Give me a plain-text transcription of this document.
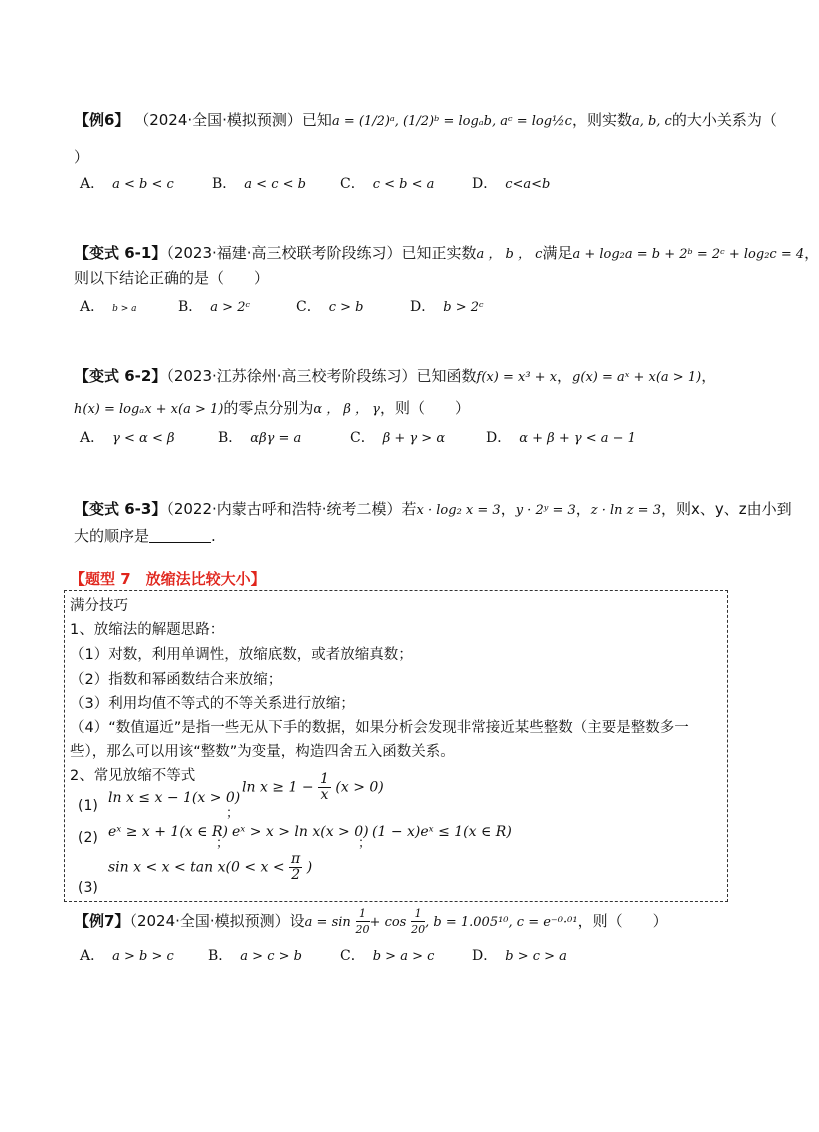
【例6】 （2024·全国·模拟预测）已知a = (1/2)ᵃ, (1/2)ᵇ = logₐb, aᶜ = log½c，则实数a, b, c的大小关系为（
）
A． a < b < c	B． a < c < b C． c < b < a	D． c<a<b
【变式 6-1】（2023·福建·高三校联考阶段练习）已知正实数a ， b ， c满足a + log₂a = b + 2ᵇ = 2ᶜ + log₂c = 4，
则以下结论正确的是（　　）
A． b > a	B． a > 2ᶜ	C． c > b	D． b > 2ᶜ
【变式 6-2】（2023·江苏徐州·高三校考阶段练习）已知函数f(x) = x³ + x，g(x) = aˣ + x(a > 1)，
h(x) = logₐx + x(a > 1)的零点分别为α ， β ， γ，则（　　）
A． γ < α < β	B． αβγ = a	C． β + γ > α	D． α + β + γ < a − 1
【变式 6-3】（2022·内蒙古呼和浩特·统考二模）若x · log₂ x = 3，y · 2ʸ = 3，z · ln z = 3，则x、y、z由小到
大的顺序是	.
【题型 7　放缩法比较大小】
满分技巧
1、放缩法的解题思路：
（1）对数，利用单调性，放缩底数，或者放缩真数；
（2）指数和幂函数结合来放缩；
（3）利用均值不等式的不等关系进行放缩；
（4）“数值逼近”是指一些无从下手的数据，如果分析会发现非常接近某些整数（主要是整数多一
些），那么可以用该“整数”为变量，构造四舍五入函数关系。
2、常见放缩不等式
(1) ln x ≤ x − 1(x > 0)
；
$\ln x \ge 1 - \frac{1}{x} (x > 0)$
(2) eˣ ≥ x + 1(x ∈ R)
；
eˣ > x > ln x(x > 0)
；
(1 − x)eˣ ≤ 1(x ∈ R)
$\sin x < x < \tan x(0 < x < \frac{\pi}{2}$ )
(3)
【例7】（2024·全国·模拟预测）设$a = \sin \frac{1}{20} + \cos \frac{1}{20}$ , b = 1.005¹⁰, c = e⁻⁰·⁰¹，则（　　）
A． a > b > c B． a > c > b	C． b > a > c	D． b > c > a
